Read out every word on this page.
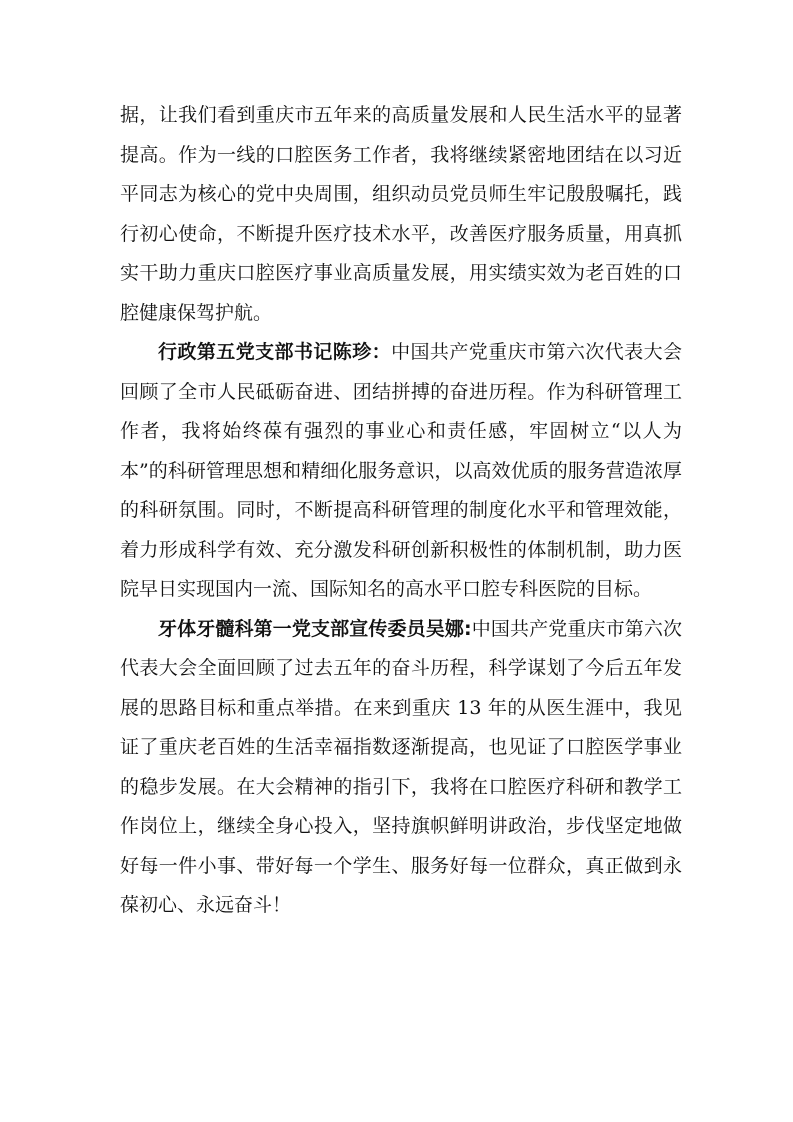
据，让我们看到重庆市五年来的高质量发展和人民生活水平的显著提高。作为一线的口腔医务工作者，我将继续紧密地团结在以习近平同志为核心的党中央周围，组织动员党员师生牢记殷殷嘱托，践行初心使命，不断提升医疗技术水平，改善医疗服务质量，用真抓实干助力重庆口腔医疗事业高质量发展，用实绩实效为老百姓的口腔健康保驾护航。

行政第五党支部书记陈珍：中国共产党重庆市第六次代表大会回顾了全市人民砥砺奋进、团结拼搏的奋进历程。作为科研管理工作者，我将始终葆有强烈的事业心和责任感，牢固树立“以人为本”的科研管理思想和精细化服务意识，以高效优质的服务营造浓厚的科研氛围。同时，不断提高科研管理的制度化水平和管理效能，着力形成科学有效、充分激发科研创新积极性的体制机制，助力医院早日实现国内一流、国际知名的高水平口腔专科医院的目标。

牙体牙髓科第一党支部宣传委员吴娜:中国共产党重庆市第六次代表大会全面回顾了过去五年的奋斗历程，科学谋划了今后五年发展的思路目标和重点举措。在来到重庆 13 年的从医生涯中，我见证了重庆老百姓的生活幸福指数逐渐提高，也见证了口腔医学事业的稳步发展。在大会精神的指引下，我将在口腔医疗科研和教学工作岗位上，继续全身心投入，坚持旗帜鲜明讲政治，步伐坚定地做好每一件小事、带好每一个学生、服务好每一位群众，真正做到永葆初心、永远奋斗！
